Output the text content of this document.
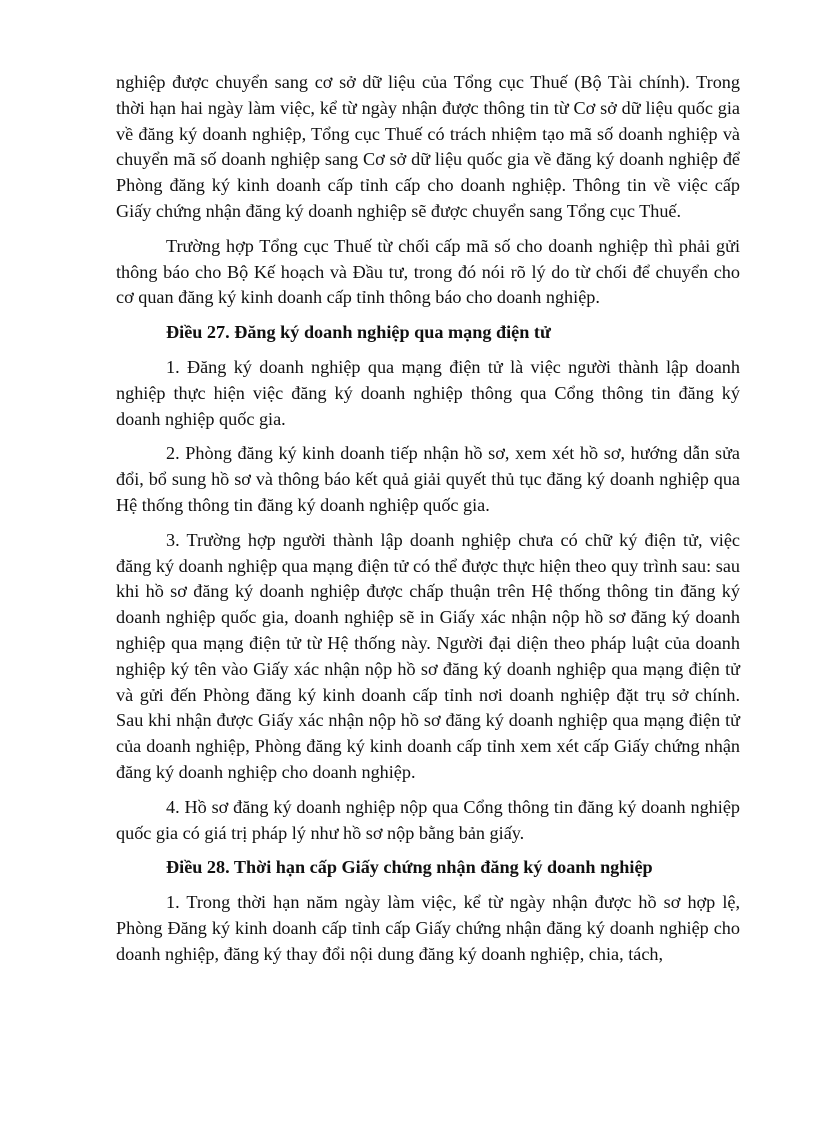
nghiệp được chuyển sang cơ sở dữ liệu của Tổng cục Thuế (Bộ Tài chính). Trong thời hạn hai ngày làm việc, kể từ ngày nhận được thông tin từ Cơ sở dữ liệu quốc gia về đăng ký doanh nghiệp, Tổng cục Thuế có trách nhiệm tạo mã số doanh nghiệp và chuyển mã số doanh nghiệp sang Cơ sở dữ liệu quốc gia về đăng ký doanh nghiệp để Phòng đăng ký kinh doanh cấp tỉnh cấp cho doanh nghiệp. Thông tin về việc cấp Giấy chứng nhận đăng ký doanh nghiệp sẽ được chuyển sang Tổng cục Thuế.

Trường hợp Tổng cục Thuế từ chối cấp mã số cho doanh nghiệp thì phải gửi thông báo cho Bộ Kế hoạch và Đầu tư, trong đó nói rõ lý do từ chối để chuyển cho cơ quan đăng ký kinh doanh cấp tỉnh thông báo cho doanh nghiệp.

Điều 27. Đăng ký doanh nghiệp qua mạng điện tử

1. Đăng ký doanh nghiệp qua mạng điện tử là việc người thành lập doanh nghiệp thực hiện việc đăng ký doanh nghiệp thông qua Cổng thông tin đăng ký doanh nghiệp quốc gia.

2. Phòng đăng ký kinh doanh tiếp nhận hồ sơ, xem xét hồ sơ, hướng dẫn sửa đổi, bổ sung hồ sơ và thông báo kết quả giải quyết thủ tục đăng ký doanh nghiệp qua Hệ thống thông tin đăng ký doanh nghiệp quốc gia.

3. Trường hợp người thành lập doanh nghiệp chưa có chữ ký điện tử, việc đăng ký doanh nghiệp qua mạng điện tử có thể được thực hiện theo quy trình sau: sau khi hồ sơ đăng ký doanh nghiệp được chấp thuận trên Hệ thống thông tin đăng ký doanh nghiệp quốc gia, doanh nghiệp sẽ in Giấy xác nhận nộp hồ sơ đăng ký doanh nghiệp qua mạng điện tử từ Hệ thống này. Người đại diện theo pháp luật của doanh nghiệp ký tên vào Giấy xác nhận nộp hồ sơ đăng ký doanh nghiệp qua mạng điện tử và gửi đến Phòng đăng ký kinh doanh cấp tỉnh nơi doanh nghiệp đặt trụ sở chính. Sau khi nhận được Giấy xác nhận nộp hồ sơ đăng ký doanh nghiệp qua mạng điện tử của doanh nghiệp, Phòng đăng ký kinh doanh cấp tỉnh xem xét cấp Giấy chứng nhận đăng ký doanh nghiệp cho doanh nghiệp.

4. Hồ sơ đăng ký doanh nghiệp nộp qua Cổng thông tin đăng ký doanh nghiệp quốc gia có giá trị pháp lý như hồ sơ nộp bằng bản giấy.

Điều 28. Thời hạn cấp Giấy chứng nhận đăng ký doanh nghiệp

1. Trong thời hạn năm ngày làm việc, kể từ ngày nhận được hồ sơ hợp lệ, Phòng Đăng ký kinh doanh cấp tỉnh cấp Giấy chứng nhận đăng ký doanh nghiệp cho doanh nghiệp, đăng ký thay đổi nội dung đăng ký doanh nghiệp, chia, tách,
